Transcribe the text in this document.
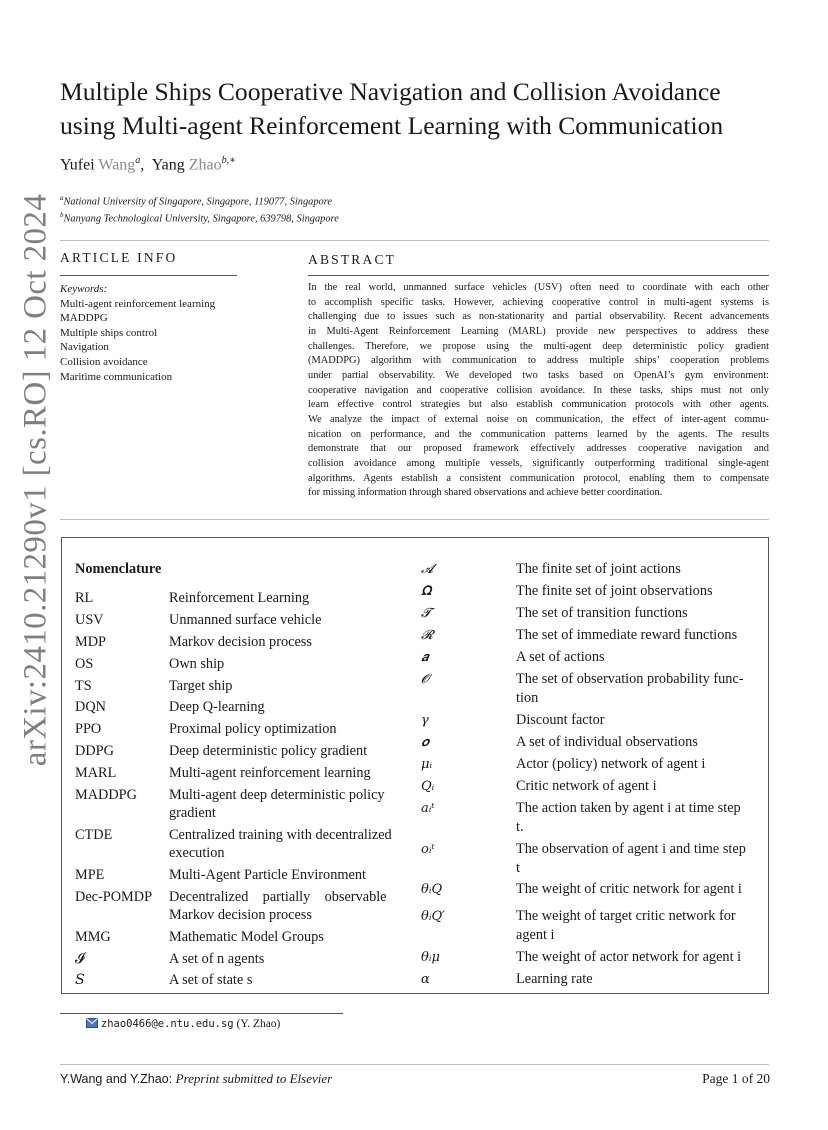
arXiv:2410.21290v1 [cs.RO] 12 Oct 2024
Multiple Ships Cooperative Navigation and Collision Avoidance
using Multi-agent Reinforcement Learning with Communication
Yufei Wang$^a$,  Yang Zhao$^{b,∗}$
$^a$National University of Singapore, Singapore, 119077, Singapore
$^b$Nanyang Technological University, Singapore, 639798, Singapore
ARTICLE INFO
Keywords:
Multi-agent reinforcement learning
MADDPG
Multiple ships control
Navigation
Collision avoidance
Maritime communication
ABSTRACT
In the real world, unmanned surface vehicles (USV) often need to coordinate with each other
to accomplish specific tasks. However, achieving cooperative control in multi-agent systems is
challenging due to issues such as non-stationarity and partial observability. Recent advancements
in Multi-Agent Reinforcement Learning (MARL) provide new perspectives to address these
challenges. Therefore, we propose using the multi-agent deep deterministic policy gradient
(MADDPG) algorithm with communication to address multiple ships’ cooperation problems
under partial observability. We developed two tasks based on OpenAI’s gym environment:
cooperative navigation and cooperative collision avoidance. In these tasks, ships must not only
learn effective control strategies but also establish communication protocols with other agents.
We analyze the impact of external noise on communication, the effect of inter-agent commu-
nication on performance, and the communication patterns learned by the agents. The results
demonstrate that our proposed framework effectively addresses cooperative navigation and
collision avoidance among multiple vessels, significantly outperforming traditional single-agent
algorithms. Agents establish a consistent communication protocol, enabling them to compensate
for missing information through shared observations and achieve better coordination.
Nomenclature
RL	Reinforcement Learning
USV	Unmanned surface vehicle
MDP	Markov decision process
OS	Own ship
TS	Target ship
DQN	Deep Q-learning
PPO	Proximal policy optimization
DDPG	Deep deterministic policy gradient
MARL	Multi-agent reinforcement learning
MADDPG Multi-agent deep deterministic policy
gradient
CTDE	Centralized training with decentralized
execution
MPE	Multi-Agent Particle Environment
Dec-POMDP Decentralized    partially    observable
Markov decision process
MMG	Mathematic Model Groups
𝓘	A set of n agents
𝑆	A set of state s
𝓐	The finite set of joint actions
𝛀	The finite set of joint observations
𝓣	The set of transition functions
𝓡	The set of immediate reward functions
𝒂	A set of actions
𝓞	The set of observation probability func-
tion
γ	Discount factor
𝒐	A set of individual observations
μᵢ	Actor (policy) network of agent i
Qᵢ	Critic network of agent i
aᵢᵗ	The action taken by agent i at time step
t.
oᵢᵗ	The observation of agent i and time step
t
θᵢQ	The weight of critic network for agent i
θᵢQ′	The weight of target critic network for
agent i
θᵢμ	The weight of actor network for agent i
α	Learning rate
zhao0466@e.ntu.edu.sg (Y. Zhao)
Y.Wang and Y.Zhao: Preprint submitted to Elsevier	Page 1 of 20
